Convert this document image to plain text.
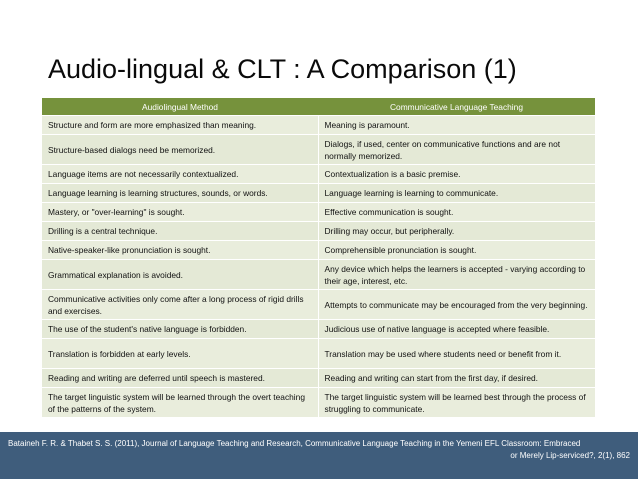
Audio-lingual & CLT : A Comparison (1)
Audiolingual Method	Communicative Language Teaching
Structure and form are more emphasized than meaning.	Meaning is paramount.
Structure-based dialogs need be memorized.	Dialogs, if used, center on communicative functions and are not normally memorized.
Language items are not necessarily contextualized.	Contextualization is a basic premise.
Language learning is learning structures, sounds, or words.	Language learning is learning to communicate.
Mastery, or "over-learning" is sought.	Effective communication is sought.
Drilling is a central technique.	Drilling may occur, but peripherally.
Native-speaker-like pronunciation is sought.	Comprehensible pronunciation is sought.
Grammatical explanation is avoided.	Any device which helps the learners is accepted - varying according to their age, interest, etc.
Communicative activities only come after a long process of rigid drills and exercises.	Attempts to communicate may be encouraged from the very beginning.
The use of the student's native language is forbidden.	Judicious use of native language is accepted where feasible.
Translation is forbidden at early levels.	Translation may be used where students need or benefit from it.
Reading and writing are deferred until speech is mastered.	Reading and writing can start from the first day, if desired.
The target linguistic system will be learned through the overt teaching of the patterns of the system.	The target linguistic system will be learned best through the process of struggling to communicate.
Bataineh F. R. & Thabet S. S. (2011), Journal of Language Teaching and Research, Communicative Language Teaching in the Yemeni EFL Classroom: Embraced
or Merely Lip-serviced?, 2(1), 862
